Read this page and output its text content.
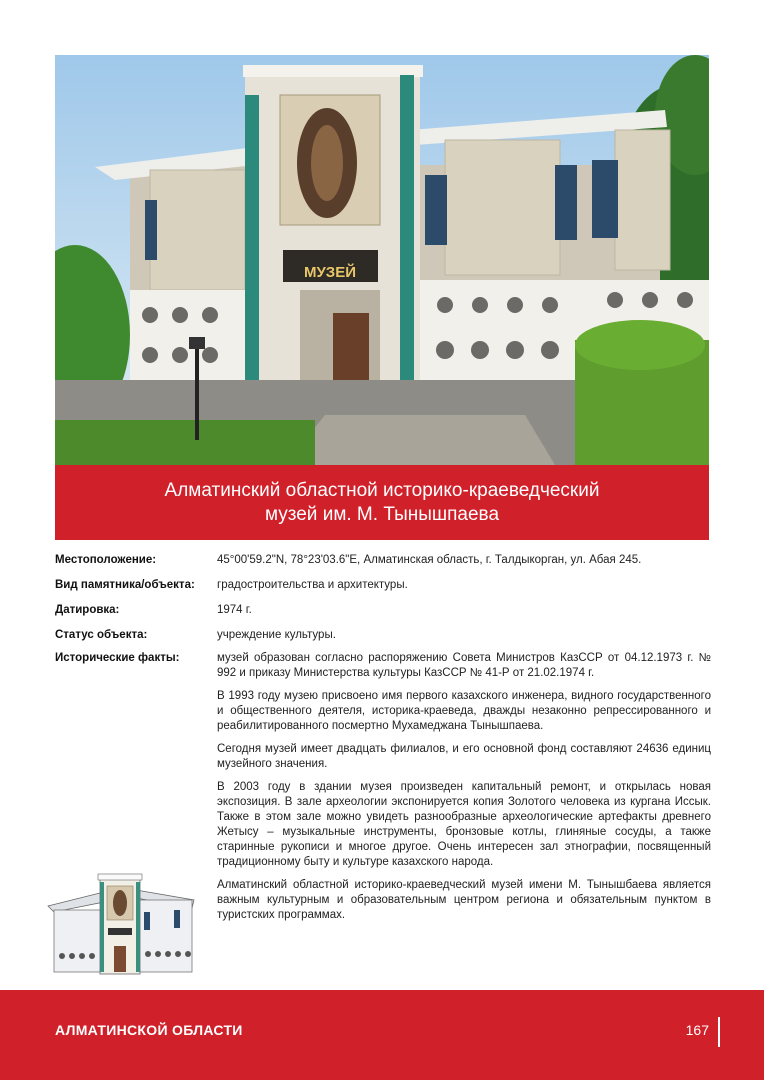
МУЗЕЙ
Алматинский областной историко-краеведческий
музей им. М. Тынышпаева
Местоположение:	45°00'59.2"N, 78°23'03.6"E, Алматинская область, г. Талдыкорган, ул. Абая 245.
Вид памятника/объекта:	градостроительства и архитектуры.
Датировка:	1974 г.
Статус объекта:	учреждение культуры.
Исторические факты:	музей образован согласно распоряжению Совета Министров КазССР от 04.12.1973 г. № 992 и приказу Министерства культуры КазССР № 41-Р от 21.02.1974 г.

В 1993 году музею присвоено имя первого казахского инженера, видного государственного и общественного деятеля, историка-краеведа, дважды незаконно репрессированного и реабилитированного посмертно Мухамеджана Тынышпаева.

Сегодня музей имеет двадцать филиалов, и его основной фонд составляют 24636 единиц музейного значения.

В 2003 году в здании музея произведен капитальный ремонт, и открылась новая экспозиция. В зале археологии экспонируется копия Золотого человека из кургана Иссык. Также в этом зале можно увидеть разнообразные археологические артефакты древнего Жетысу – музыкальные инструменты, бронзовые котлы, глиняные сосуды, а также старинные рукописи и многое другое. Очень интересен зал этнографии, посвященный традиционному быту и культуре казахского народа.

Алматинский областной историко-краеведческий музей имени М. Тынышбаева является важным культурным и образовательным центром региона и обязательным пунктом в туристских программах.

АЛМАТИНСКОЙ ОБЛАСТИ	167
